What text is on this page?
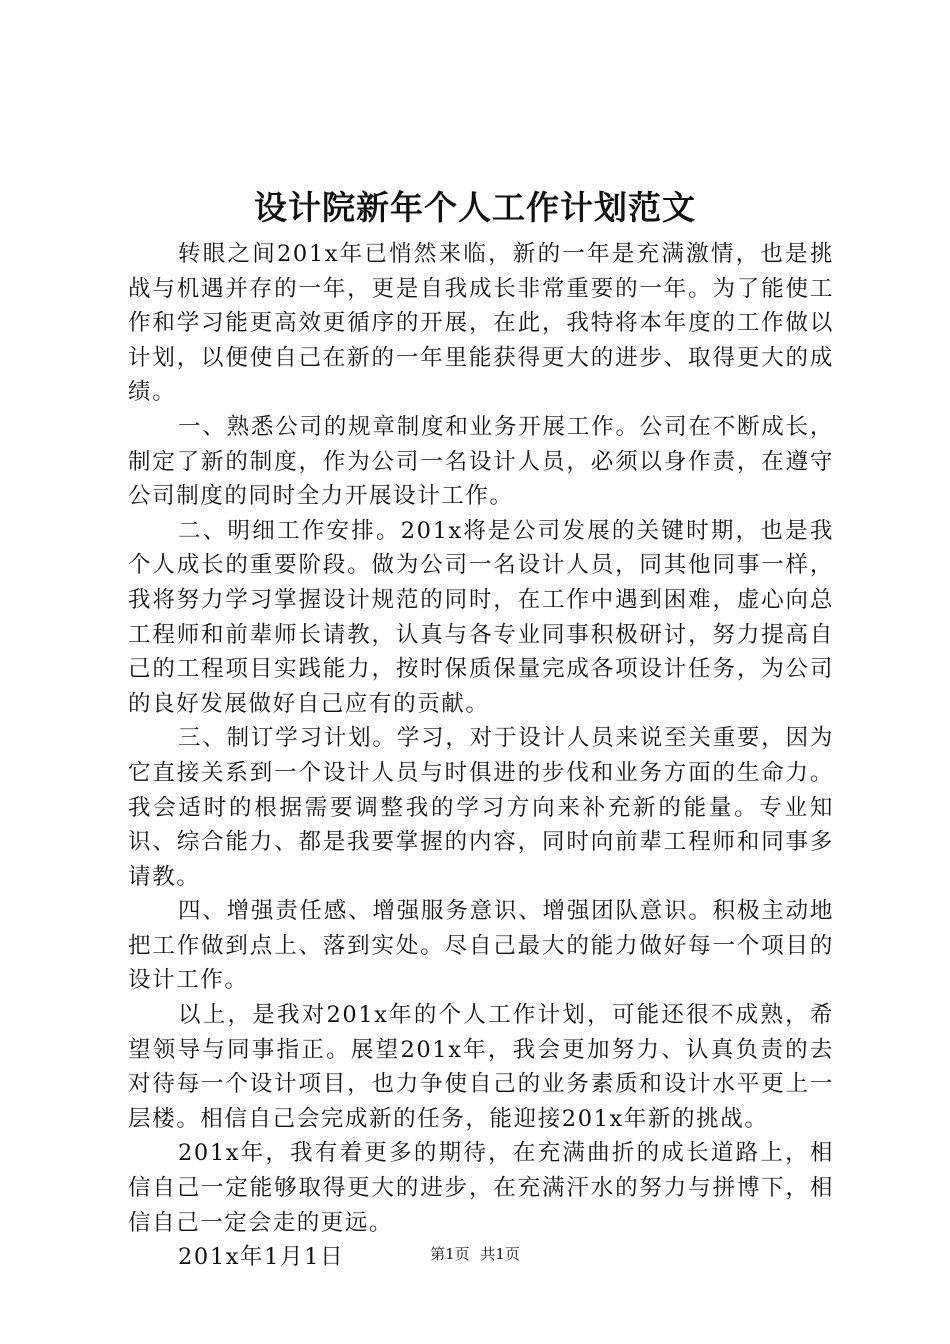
设计院新年个人工作计划范文

转眼之间201x年已悄然来临，新的一年是充满激情，也是挑战与机遇并存的一年，更是自我成长非常重要的一年。为了能使工作和学习能更高效更循序的开展，在此，我特将本年度的工作做以计划，以便使自己在新的一年里能获得更大的进步、取得更大的成绩。

一、熟悉公司的规章制度和业务开展工作。公司在不断成长，制定了新的制度，作为公司一名设计人员，必须以身作责，在遵守公司制度的同时全力开展设计工作。

二、明细工作安排。201x将是公司发展的关键时期，也是我个人成长的重要阶段。做为公司一名设计人员，同其他同事一样，我将努力学习掌握设计规范的同时，在工作中遇到困难，虚心向总工程师和前辈师长请教，认真与各专业同事积极研讨，努力提高自己的工程项目实践能力，按时保质保量完成各项设计任务，为公司的良好发展做好自己应有的贡献。

三、制订学习计划。学习，对于设计人员来说至关重要，因为它直接关系到一个设计人员与时俱进的步伐和业务方面的生命力。我会适时的根据需要调整我的学习方向来补充新的能量。专业知识、综合能力、都是我要掌握的内容，同时向前辈工程师和同事多请教。

四、增强责任感、增强服务意识、增强团队意识。积极主动地把工作做到点上、落到实处。尽自己最大的能力做好每一个项目的设计工作。

以上，是我对201x年的个人工作计划，可能还很不成熟，希望领导与同事指正。展望201x年，我会更加努力、认真负责的去对待每一个设计项目，也力争使自己的业务素质和设计水平更上一层楼。相信自己会完成新的任务，能迎接201x年新的挑战。

201x年，我有着更多的期待，在充满曲折的成长道路上，相信自己一定能够取得更大的进步，在充满汗水的努力与拼博下，相信自己一定会走的更远。

201x年1月1日	第1页 共1页
